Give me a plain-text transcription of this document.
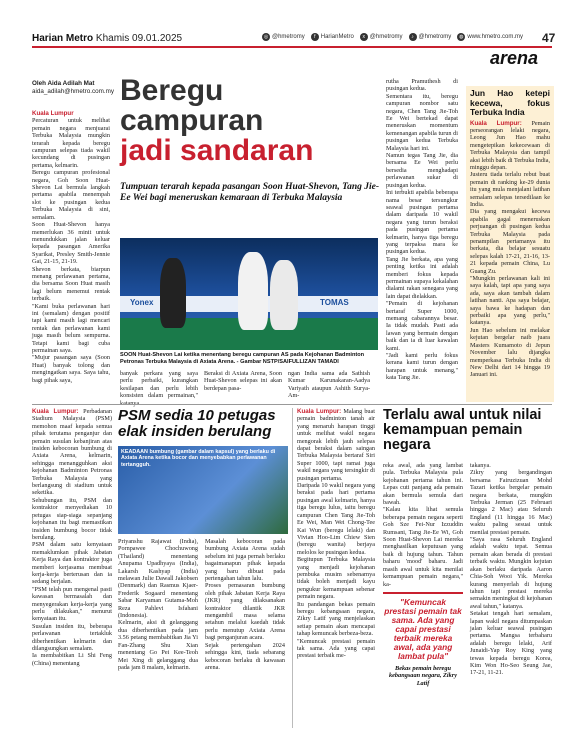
Harian Metro Khamis 09.01.2025	◎ @hmetromy	f HarianMetro	x @hmetromy	♪ @hmetromy	◍ www.hmetro.com.my 47
arena
Oleh Aida Adilah Mat
aida_adilah@hmetro.com.my Beregu
campuran
jadi sandaran
Tumpuan terarah kepada pasangan Soon Huat-Shevon, Tang Jie-Ee Wei bagi meneruskan kemaraan di Terbuka Malaysia
Yonex	TOMAS
SOON Huat-Shevon Lai ketika menentang beregu campuran AS pada Kejohanan Badminton Petronas Terbuka Malaysia di Axiata Arena. - Gambar NSTP/SAIFULLIZAN TAMADI

Kuala Lumpur

Percaturan untuk melihat pemain negara menjuarai Terbuka Malaysia mungkin terarah kepada beregu campuran selepas tiada wakil kecundang di pusingan pertama, kelmarin.

Beregu campuran profesional negara, Goh Soon Huat-Shevon Lai bermula langkah pertama apabila menempah slot ke pusingan kedua Terbuka Malaysia di sini, semalam.

Soon Huat-Shevon hanya memerlukan 36 minit untuk menundukkan jalan keluar kepada pasangan Amerika Syarikat, Presley Smith-Jennie Gai, 21-15, 21-19.

Shevon berkata, biarpun menang perlawanan pertama, dia bersama Soon Huat masih lagi belum menemui rentak terbaik.

"Kami buka perlawanan hari ini (semalam) dengan positif tapi kami masih lagi mencari rentak dan perlawanan kami juga masih belum sempurna. Tetapi kami bagi cuba permainan saya.

"Mujur pasangan saya (Soon Huat) banyak tolong dan mengingatkan saya. Saya tahu, bagi pihak saya,

rutha Pramuthesh di pusingan kedua.

Sementara itu, beregu campuran nombor satu negara, Chen Tang Jie-Toh Ee Wei bertekad dapat meneruskan momentum kemenangan apabila turun di pusingan kedua Terbuka Malaysia hari ini.

Namun tegas Tang Jie, dia bersama Ee Wei perlu bersedia menghadapi perlawanan sukar di pusingan kedua.

Ini terbukti apabila beberapa nama besar tersungkur seawal pusingan pertama dalam daripada 10 wakil negara yang turun beraksi pada pusingan pertama kelmarin, hanya tiga beregu yang terpaksa mara ke pusingan kedua.

Tang Jie berkata, apa yang penting ketika ini adalah memberi fokus kepada permainan supaya kekalahan dialami rakan senegara yang lain dapat dielakkan.

"Pemain di kejohanan bertaraf Super 1000, memang cabarannya besar. Ia tidak mudah. Pasti ada lawan yang bermain dengan baik dan ia di luar kawalan kami.

"Jadi kami perlu fokus kerana kami turun dengan harapan untuk menang," kata Tang Jie.

Jun Hao ketepi kecewa, fokus Terbuka India

Kuala Lumpur: Pemain perseorangan lelaki negara, Leong Jun Hao mahu mengetepikan kekecewaan di Terbuka Malaysia dan tampil aksi lebih baik di Terbuka India, minggu depan.

Justeru tiada terlalu rebut buat pemain di ranking ke-29 dunia itu yang mula menjalani latihan semalam selepas tersedilaan ke India.

Dia yang mengakui kecewa apabila gagal meneruskan perjuangan di pusingan kedua Terbuka Malaysia pada penampilan pertamanya itu berkata, dia belajar sesuatu selepas kalah 17-21, 21-16, 13-21 kepada pemain China, Lu Guang Zu.

"Mungkin perlawanan kali ini saya kalah, tapi apa yang saya ada, saya akan tambah dalam latihan nanti. Apa saya belajar, saya bawa ke hadapan dan perbaiki apa yang perlu," katanya.

Jun Hao sebelum ini melakar kejutan bergelar naib juara Masters Kumamoto di Jepun November lalu dijangka memperkasa Terbuka India di New Delhi dari 14 hingga 19 Januari ini.

banyak perkara yang saya perlu perbaiki, kurangkan kesilapan dan perlu lebih konsisten dalam permainan,"

Beraksi di Axiata Arena, Soon Huat-Shevon selepas ini akan berdepan pasa-

ngan India sama ada Sathish Kumar Karunakaran-Aadya Variyath ataupun Ashith Surya-Am-

Kuala Lumpur: Perbadanan Stadium Malaysia (PSM) memohon maaf kepada semua pihak terutama penganjur dan pemain susulan kebanjiran atas insiden kebocoran bumbung di Axiata Arena, kelmarin, sehingga menangguhkan aksi kejohanan Badminton Petronas Terbuka Malaysia yang berlangsung di stadium untuk seketika.

Sehubungan itu, PSM dan kontraktor menyediakan 10 petugas siap-siaga sepanjang kejohanan itu bagi memastikan insiden bumbung bocor tidak berulang.

PSM dalam satu kenyataan memaklumkan pihak Jabatan Kerja Raya dan kontraktor juga memberi kerjasama membuat kerja-kerja berterusan dan ia sedang berjalan.

"PSM telah pun mengenal pasti kawasan bermasalah dan menyegerakan kerja-kerja yang perlu dilakukan," menurut kenyataan itu.

Susulan insiden itu, beberapa perlawanan tertakluk diberhentikan kelmarin dan dilangsungkan semalam.

Ia membabitkan Li Shi Feng (China) menentang

PSM sedia 10 petugas elak insiden berulang
KEADAAN bumbung (gambar dalam kapsul) yang berlaku di Axiata Arena ketika bocor dan menyebabkan perlawanan tertangguh.

Priyanshu Rajawat (India), Pornpawee Chochuwong (Thailand) menentang Anupama Upadhyaya (India), Lakarsh Kashyap (India) melawan Julie Dawall Jakobsen (Denmark) dan Rasmus Kjaer-Frederik Sogaard menentang Sabar Karyaman Gutama-Moh Reza Pahlevi Isfahani (Indonesia).

Kelmarin, aksi di gelanggang dua diberhentikan pada jam 3.56 petang membabitkan Jia Yi Fan-Zhang Shu Xian menentang Go Pei Kee-Teoh Mei Xing di gelanggang dua pada jam 8 malam, kelmarin.

Masalah kebocoran pada bumbung Axiata Arena sudah sebelum ini juga pernah berlaku bagaimanapun pihak kepada yang baru dibuat pada pertengahan tahun lalu.

Proses pemasaran bumbung oleh pihak Jabatan Kerja Raya (JKR) yang dilaksanakan kontraktor dilantik JKR mengambil masa selama setahun melalui kaedah tidak perlu menutup Axiata Arena bagi penganjuran acara.

Sejak pertengahan 2024 sehingga kini, tiada sebarang kebocoran berlaku di kawasan arena.

Kuala Lumpur: Malang buat pemain badminton tanah air yang menaruh harapan tinggi untuk melihat wakil negara mengorak lebih jauh selepas dapat beraksi dalam saingan Terbuka Malaysia bertaraf Siri Super 1000, tapi ramai juga wakil negara yang tersingkir di pusingan pertama.

Daripada 10 wakil negara yang beraksi pada hari pertama pusingan awal kelmarin, hanya tiga beregu lulus, iaitu beregu campuran Chen Tang Jie-Toh Ee Wei, Man Wei Chong-Tee Kai Wun (beregu lelaki) dan Vivian Hoo-Lim Chiew Sien (beregu wanita) berjaya melolos ke pusingan kedua.

Begitupun Terbuka Malaysia yang menjadi kejohanan pembuka musim sebenarnya tidak boleh menjadi kayu pengukur kemampuan sebenar pemain negara.

Itu pandangan bekas pemain beregu kebangsaan negara, Zikry Latif yang menjelaskan setiap pemain akan mencapai tahap kemuncak berbeza-beza.

"Kemuncak prestasi pemain tak sama. Ada yang capai prestasi terbaik me-

Terlalu awal untuk nilai kemampuan pemain negara

reka awal, ada yang lambat pula. Terbuka Malaysia pula kejohanan pertama tahun ini. Lepas cuti panjang ada pemain akan bermula semula dari bawah.

"Kalau kita lihat semula beberapa pemain negara seperti Goh Sze Fei-Nur Izzuddin Rumsani, Tang Jie-Ee Wi, Goh Soon Huat-Shevon Lai mereka menghasilkan keputusan yang baik di hujung tahun. Tahun baharu 'mood' baharu. Jadi masih awal untuk kita menilai kemampuan pemain negara," ka-

"Kemuncak prestasi pemain tak sama. Ada yang capai prestasi terbaik mereka awal, ada yang lambat pula"
Bekas pemain beregu kebangsaan negara, Zikry Latif

takanya.

Zikry yang bergandingan bersama Fairuzizuan Mohd Tazari ketika bergelar pemain negara berkata, mungkin Terbuka Jerman (25 Februari hingga 2 Mac) atau Seluruh England (11 hingga 16 Mac) waktu paling sesuai untuk menilai prestasi pemain.

"Saya rasa Seluruh England adalah waktu tepat. Semua pemain akan berada di prestasi terbaik waktu. Mungkin kejutan akan berlaku daripada Aaron Chia-Soh Wooi Yik. Mereka kurang menyerlah di hujung tahun tapi prestasi mereka semakin meningkat di kejohanan awal tahun," katanya.

Setakat tengah hari semalam, lapan wakil negara ditumpaskan jalan keluar seawal pusingan pertama. Mangsa terbaharu adalah beregu lelaki, Arif Junaidi-Yap Roy King yang tewas kepada beregu Korea, Kim Won Ho-Seo Seung Jae, 17-21, 11-21.
